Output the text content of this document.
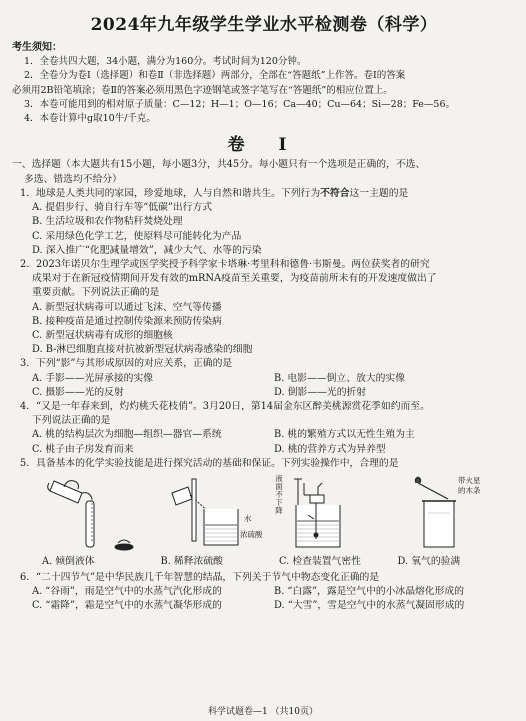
2024年九年级学生学业水平检测卷（科学）
考生须知：
1．全卷共四大题，34小题，满分为160分。考试时间为120分钟。
2．全卷分为卷Ⅰ（选择题）和卷Ⅱ（非选择题）两部分，全部在“答题纸”上作答。卷Ⅰ的答案
必须用2B铅笔填涂；卷Ⅱ的答案必须用黑色字迹钢笔或签字笔写在“答题纸”的相应位置上。
3．本卷可能用到的相对原子质量：C—12；H—1；O—16；Ca—40；Cu—64；Si—28；Fe—56。
4．本卷计算中g取10牛/千克。
卷 Ⅰ
一、选择题（本大题共有15小题，每小题3分，共45分。每小题只有一个选项是正确的，不选、
多选、错选均不给分）
1．地球是人类共同的家园，珍爱地球，人与自然和谐共生。下列行为不符合这一主题的是
A. 提倡步行、骑自行车等“低碳”出行方式
B. 生活垃圾和农作物秸秆焚烧处理
C. 采用绿色化学工艺，使原料尽可能转化为产品
D. 深入推广“化肥减量增效”，减少大气、水等的污染
2．2023年诺贝尔生理学或医学奖授予科学家卡塔琳·考里科和德鲁·韦斯曼。两位获奖者的研究
成果对于在新冠疫情期间开发有效的mRNA疫苗至关重要，为疫苗前所未有的开发速度做出了
重要贡献。下列说法正确的是
A. 新型冠状病毒可以通过飞沫、空气等传播
B. 接种疫苗是通过控制传染源来预防传染病
C. 新型冠状病毒有成形的细胞核
D. B-淋巴细胞直接对抗被新型冠状病毒感染的细胞
3．下列“影”与其形成原因的对应关系，正确的是
A. 手影——光屏承接的实像	B. 电影——倒立、放大的实像
C. 摄影——光的反射	D. 倒影——光的折射
4．“又是一年春来到，灼灼桃夭花枝俏”。3月20日，第14届金东区醉美桃源赏花季如约而至。
下列说法正确的是
A. 桃的结构层次为细胞—组织—器官—系统	B. 桃的繁殖方式以无性生殖为主
C. 桃子由子房发育而来	D. 桃的营养方式为异养型
5．具备基本的化学实验技能是进行探究活动的基础和保证。下列实验操作中，合理的是
水
浓硫酸
液面
不
下
降
带火星
的木条
A. 倾倒液体	B. 稀释浓硫酸	C. 检查装置气密性	D. 氧气的验满
6．“二十四节气”是中华民族几千年智慧的结晶，下列关于节气中物态变化正确的是
A. “谷雨”，雨是空气中的水蒸气汽化形成的	B. “白露”，露是空气中的小冰晶熔化形成的
C. “霜降”，霜是空气中的水蒸气凝华形成的	D. “大雪”，雪是空气中的水蒸气凝固形成的
科学试题卷—1 （共10页）
